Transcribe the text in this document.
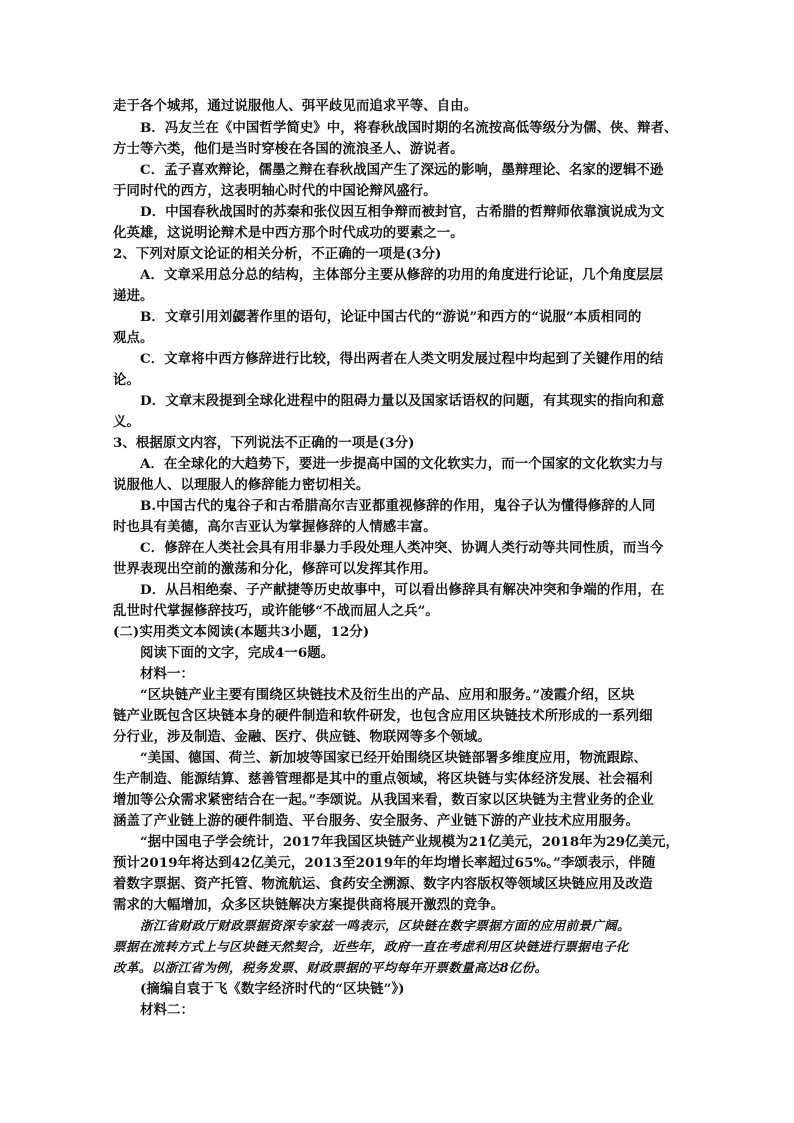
走于各个城邦，通过说服他人、弭平歧见而追求平等、自由。
B．冯友兰在《中国哲学简史》中，将春秋战国时期的名流按高低等级分为儒、侠、辩者、
方士等六类，他们是当时穿梭在各国的流浪圣人、游说者。
C．孟子喜欢辩论，儒墨之辩在春秋战国产生了深远的影响，墨辩理论、名家的逻辑不逊
于同时代的西方，这表明轴心时代的中国论辩风盛行。
D．中国春秋战国时的苏秦和张仪因互相争辩而被封官，古希腊的哲辩师依靠演说成为文
化英雄，这说明论辩术是中西方那个时代成功的要素之一。
2、下列对原文论证的相关分析，不正确的一项是(3分)
A．文章采用总分总的结构，主体部分主要从修辞的功用的角度进行论证，几个角度层层
递进。
B．文章引用刘勰著作里的语句，论证中国古代的“游说”和西方的“说服”本质相同的
观点。
C．文章将中西方修辞进行比较，得出两者在人类文明发展过程中均起到了关键作用的结
论。
D．文章末段提到全球化进程中的阻碍力量以及国家话语权的问题，有其现实的指向和意
义。
3、根据原文内容，下列说法不正确的一项是(3分)
A．在全球化的大趋势下，要进一步提高中国的文化软实力，而一个国家的文化软实力与
说服他人、以理服人的修辞能力密切相关。
B.中国古代的鬼谷子和古希腊高尔吉亚都重视修辞的作用，鬼谷子认为懂得修辞的人同
时也具有美德，高尔吉亚认为掌握修辞的人情感丰富。
C．修辞在人类社会具有用非暴力手段处理人类冲突、协调人类行动等共同性质，而当今
世界表现出空前的激荡和分化，修辞可以发挥其作用。
D．从吕相绝秦、子产献捷等历史故事中，可以看出修辞具有解决冲突和争端的作用，在
乱世时代掌握修辞技巧，或许能够“不战而屈人之兵”。
(二)实用类文本阅读(本题共3小题，12分)
阅读下面的文字，完成4一6题。
材料一：
“区块链产业主要有围绕区块链技术及衍生出的产品、应用和服务。”凌霞介绍，区块
链产业既包含区块链本身的硬件制造和软件研发，也包含应用区块链技术所形成的一系列细
分行业，涉及制造、金融、医疗、供应链、物联网等多个领域。
“美国、德国、荷兰、新加坡等国家已经开始围绕区块链部署多维度应用，物流跟踪、
生产制造、能源结算、慈善管理都是其中的重点领域，将区块链与实体经济发展、社会福利
增加等公众需求紧密结合在一起。”李颂说。从我国来看，数百家以区块链为主营业务的企业
涵盖了产业链上游的硬件制造、平台服务、安全服务、产业链下游的产业技术应用服务。
“据中国电子学会统计，2017年我国区块链产业规模为21亿美元，2018年为29亿美元，
预计2019年将达到42亿美元，2013至2019年的年均增长率超过65%。”李颂表示，伴随
着数字票据、资产托管、物流航运、食药安全溯源、数字内容版权等领域区块链应用及改造
需求的大幅增加，众多区块链解决方案提供商将展开激烈的竞争。
浙江省财政厅财政票据资深专家兹一鸣表示，区块链在数字票据方面的应用前景广阔。
票据在流转方式上与区块链天然契合，近些年，政府一直在考虑利用区块链进行票据电子化
改革。以浙江省为例，税务发票、财政票据的平均每年开票数量高达8亿份。
(摘编自袁于飞《数字经济时代的“区块链”》)
材料二：
